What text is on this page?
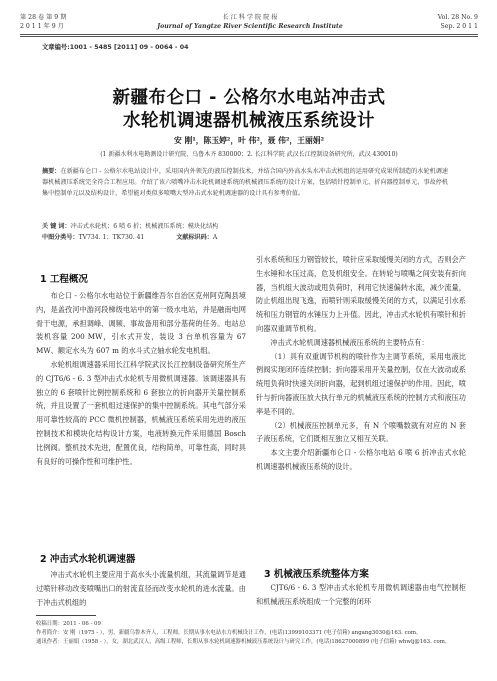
第 28 卷 第 9 期
2 0 1 1 年 9 月
长 江 科 学 院 院 报
Journal of Yangtze River Scientific Research Institute
Vol. 28 No. 9
Sep. 2 0 1 1
文章编号:1001 - 5485 [2011] 09 - 0064 - 04
新疆布仑口 - 公格尔水电站冲击式
水轮机调速器机械液压系统设计
安 刚¹，陈玉婷²，叶 伟²，聂 伟²，王丽娟²
(1 新疆水利水电勘测设计研究院，乌鲁木齐 830000；2. 长江科学院 武汉长江控制设备研究所，武汉 430010)
摘要：在新疆布仑口 - 公格尔水电站设计中，采用国内外领先的液压控制技术，并结合国内外高水头水冲击式机组的运用研究成果所制造的水轮机调速器机械液压系统完全符合工程应用。介绍了该六喷嘴冲击水轮机调速系统的机械液压系统的设计方案，包括喷针控制单元、折向器控制单元、事故停机集中控制单元以及结构设计，希望能对类似多喷嘴大型冲击式水轮机调速器的设计具有参考价值。
关 键 词：冲击式水轮机；6 喷 6 折；机械液压系统；模块化结构
中图分类号：TV734. 1；TK730. 41	文献标识码：A
1 工程概况

布仑口 - 公格尔水电站位于新疆维吾尔自治区克州阿克陶县境内，是盖孜河中游河段梯级电站中的第一级水电站，并是融南电网骨干电源，承担调峰、调频、事故备用和部分基荷的任务。电站总装机容量 200 MW，引水式开发，装设 3 台单机容量为 67 MW、额定水头为 607 m 的水斗式立轴水轮发电机组。

水轮机组调速器采用长江科学院武汉长江控制设备研究所生产的 CJT6/6 - 6. 3 型冲击式水轮机专用微机调速器。该调速器具有独立的 6 套喷针比例控制系统和 6 套独立的折向器开关量控制系统，并且设置了一套机组过速保护的集中控制系统。其电气部分采用可靠性较高的 PCC 微机控制器，机械液压系统采用先进的液压控制技术和模块化结构设计方案，电液转换元件采用德国 Bosch 比例阀。整机技术先进，配置优良，结构简单，可靠性高，同时具有良好的可操作性和可维护性。

2 冲击式水轮机调速器

冲击式水轮机主要应用于高水头小流量机组，其流量调节是通过喷针移动改变喷嘴出口的射流直径而改变水轮机的进水流量。由于冲击式机组的

引水系统和压力钢管较长，喷针应采取缓慢关闭的方式，否则会产生水锤和水压过高，危及机组安全。在转轮与喷嘴之间安装有折向器，当机组大波动或甩负荷时，利用它快速偏转水流，减少流量，防止机组出现飞逸，而喷针则采取缓慢关闭的方式，以满足引水系统和压力钢管的水锤压力上升值。因此，冲击式水轮机有喷针和折向器双重调节机构。

冲击式水轮机调速器机械液压系统的主要特点有：

（1）具有双重调节机构的喷针作为主调节系统，采用电液比例阀实现闭环连续控制；折向器采用开关量控制，仅在大波动或系统甩负荷时快速关闭折向器，起到机组过速保护的作用。因此，喷针与折向器液压放大执行单元的机械液压系统的控制方式和液压功率是不同的。

（2）机械液压控制单元多，有 N 个喷嘴数就有对应的 N 套子液压系统，它们既相互独立又相互关联。

本文主要介绍新疆布仑口 - 公格尔电站 6 喷 6 折冲击式水轮机调速器机械液压系统的设计。

3 机械液压系统整体方案

CJT6/6 - 6. 3 型冲击式水轮机专用微机调速器由电气控制柜和机械液压系统组成一个完整的闭环

收稿日期：2011 - 06 - 09
作者简介：安 刚（1975 - ），男，新疆乌鲁木齐人，工程师，长期从事水电站水力机械设计工作，(电话)13999103371 (电子信箱) angang3030@163. com。
通讯作者：王丽娟（1958 - ），女，湖北武汉人，高级工程师，长期从事水轮机调速器机械液压系统设计与研究工作，(电话)18627000899 (电子信箱) whwlj@163. com。
